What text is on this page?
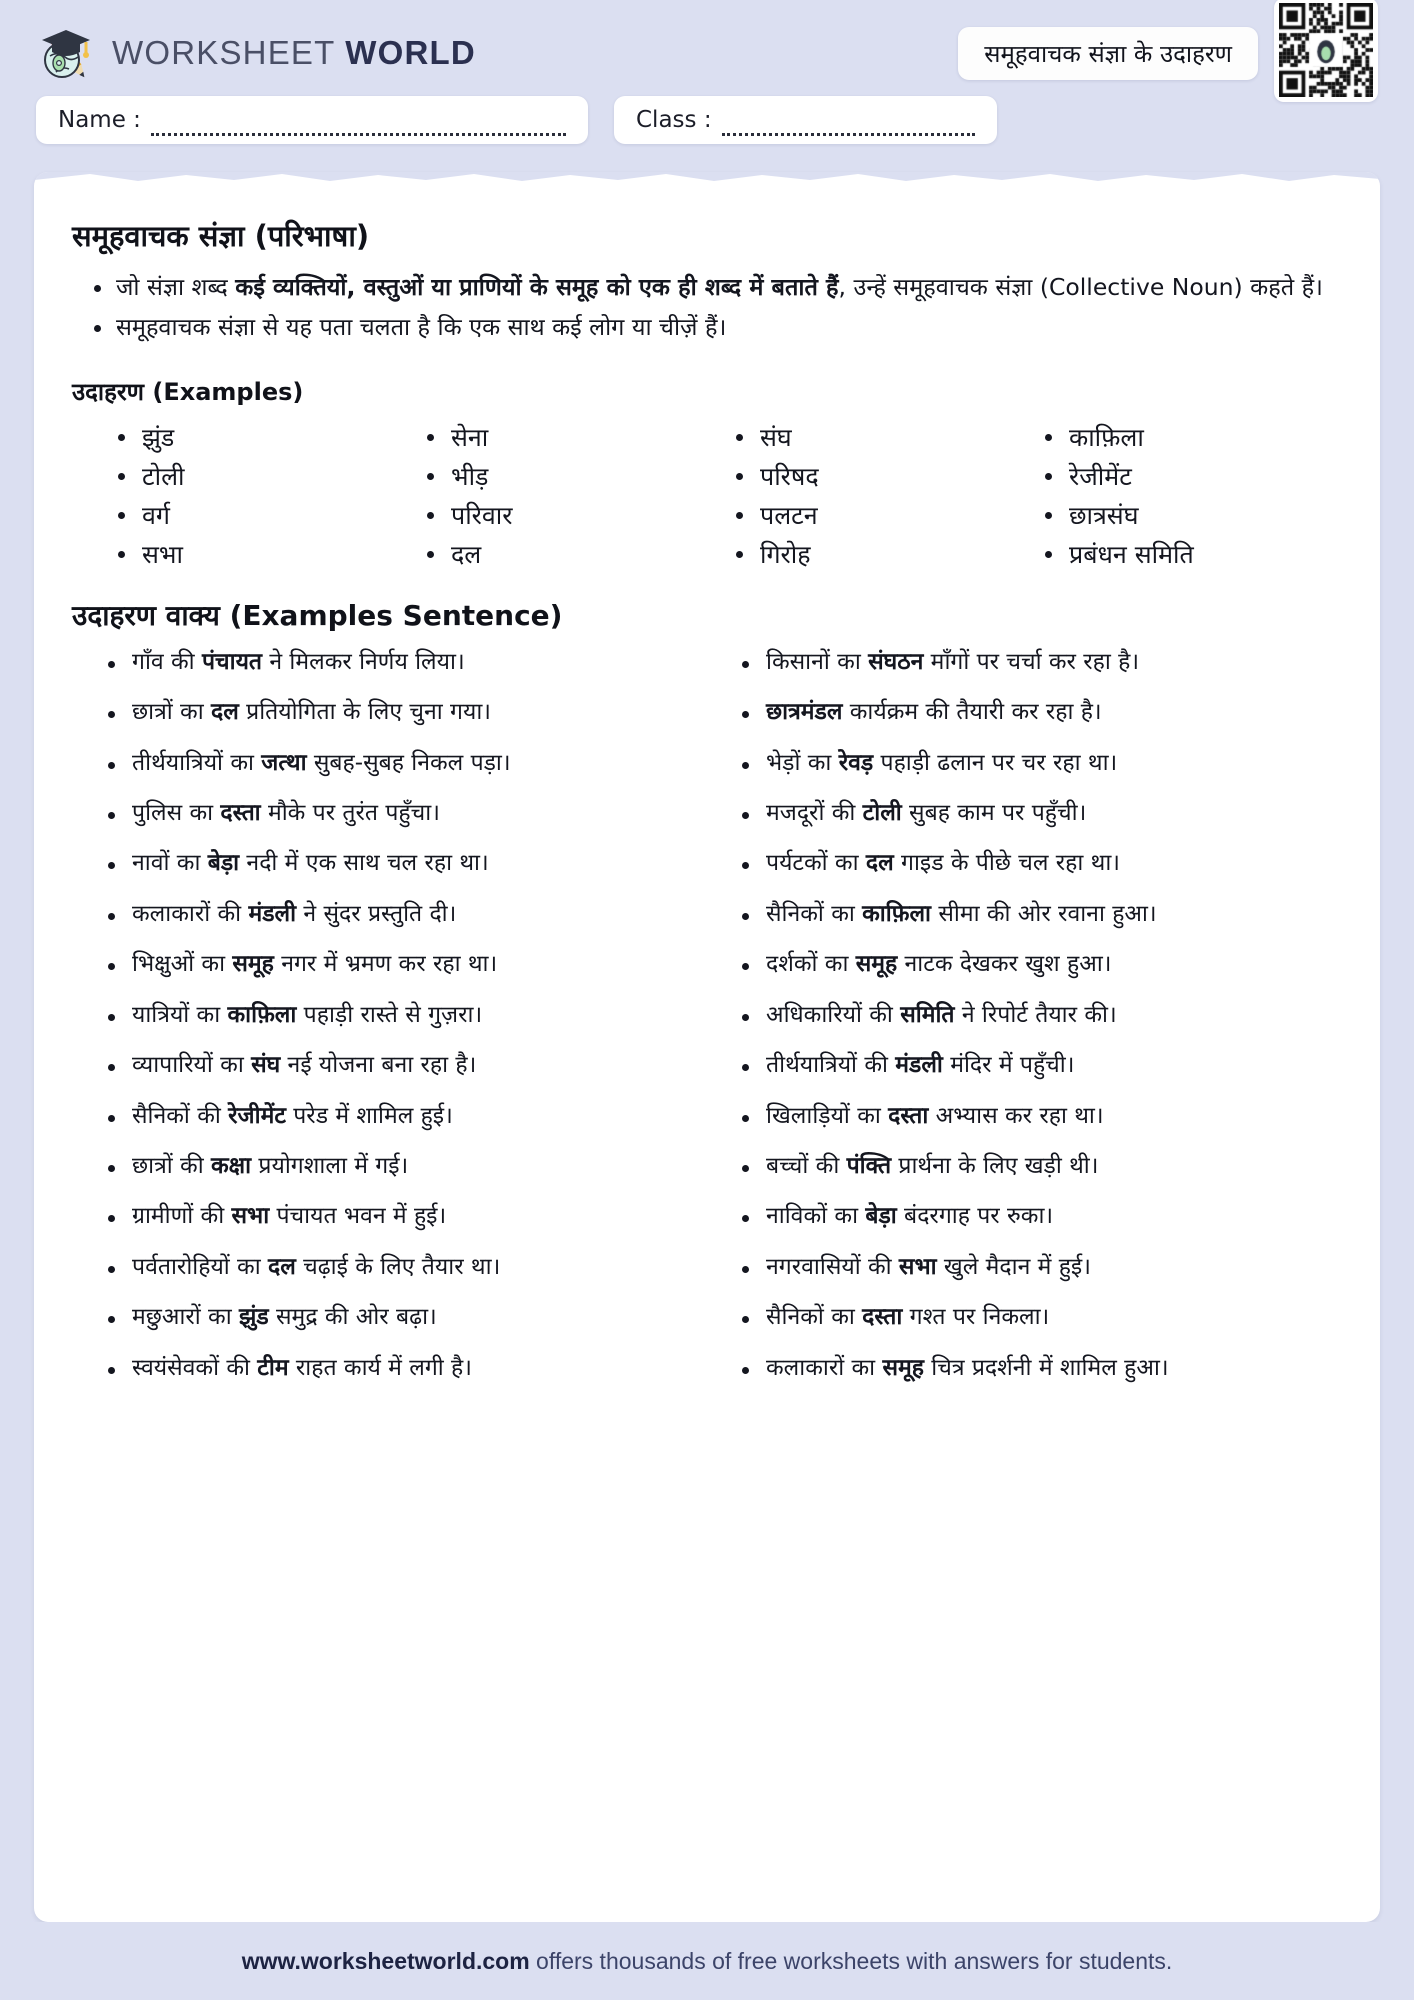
WORKSHEET WORLD	समूहवाचक संज्ञा के उदाहरण
Name :	Class :
समूहवाचक संज्ञा (परिभाषा)
जो संज्ञा शब्द कई व्यक्तियों, वस्तुओं या प्राणियों के समूह को एक ही शब्द में बताते हैं, उन्हें समूहवाचक संज्ञा (Collective Noun) कहते हैं।
समूहवाचक संज्ञा से यह पता चलता है कि एक साथ कई लोग या चीज़ें हैं।
उदाहरण (Examples)
झुंड
टोली
वर्ग
सभा
सेना
भीड़
परिवार
दल
संघ
परिषद
पलटन
गिरोह
काफ़िला
रेजीमेंट
छात्रसंघ
प्रबंधन समिति
उदाहरण वाक्य (Examples Sentence)
गाँव की पंचायत ने मिलकर निर्णय लिया।
छात्रों का दल प्रतियोगिता के लिए चुना गया।
तीर्थयात्रियों का जत्था सुबह-सुबह निकल पड़ा।
पुलिस का दस्ता मौके पर तुरंत पहुँचा।
नावों का बेड़ा नदी में एक साथ चल रहा था।
कलाकारों की मंडली ने सुंदर प्रस्तुति दी।
भिक्षुओं का समूह नगर में भ्रमण कर रहा था।
यात्रियों का काफ़िला पहाड़ी रास्ते से गुज़रा।
व्यापारियों का संघ नई योजना बना रहा है।
सैनिकों की रेजीमेंट परेड में शामिल हुई।
छात्रों की कक्षा प्रयोगशाला में गई।
ग्रामीणों की सभा पंचायत भवन में हुई।
पर्वतारोहियों का दल चढ़ाई के लिए तैयार था।
मछुआरों का झुंड समुद्र की ओर बढ़ा।
स्वयंसेवकों की टीम राहत कार्य में लगी है।
किसानों का संघठन माँगों पर चर्चा कर रहा है।
छात्रमंडल कार्यक्रम की तैयारी कर रहा है।
भेड़ों का रेवड़ पहाड़ी ढलान पर चर रहा था।
मजदूरों की टोली सुबह काम पर पहुँची।
पर्यटकों का दल गाइड के पीछे चल रहा था।
सैनिकों का काफ़िला सीमा की ओर रवाना हुआ।
दर्शकों का समूह नाटक देखकर खुश हुआ।
अधिकारियों की समिति ने रिपोर्ट तैयार की।
तीर्थयात्रियों की मंडली मंदिर में पहुँची।
खिलाड़ियों का दस्ता अभ्यास कर रहा था।
बच्चों की पंक्ति प्रार्थना के लिए खड़ी थी।
नाविकों का बेड़ा बंदरगाह पर रुका।
नगरवासियों की सभा खुले मैदान में हुई।
सैनिकों का दस्ता गश्त पर निकला।
कलाकारों का समूह चित्र प्रदर्शनी में शामिल हुआ।
www.worksheetworld.com offers thousands of free worksheets with answers for students.
